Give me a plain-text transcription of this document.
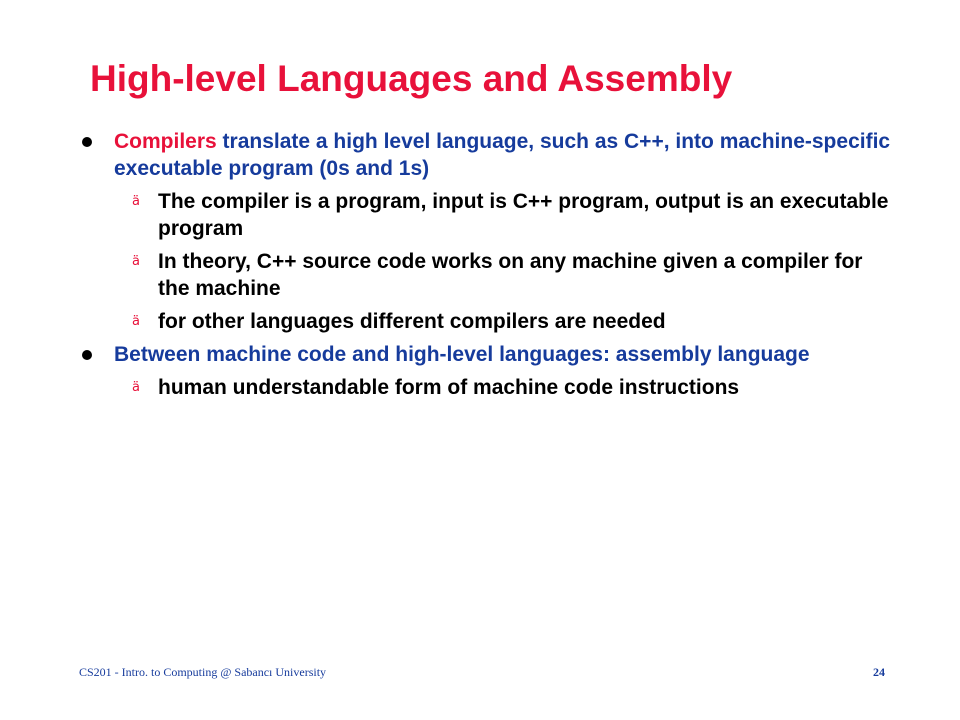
High-level Languages and Assembly
Compilers translate a high level language, such as C++, into machine-specific executable program (0s and 1s)
ä The compiler is a program, input is C++ program, output is an executable program
ä In theory, C++ source code works on any machine given a compiler for the machine
ä for other languages different compilers are needed
Between machine code and high-level languages: assembly language
ä human understandable form of machine code instructions
CS201 - Intro. to Computing @ Sabancı University	24
